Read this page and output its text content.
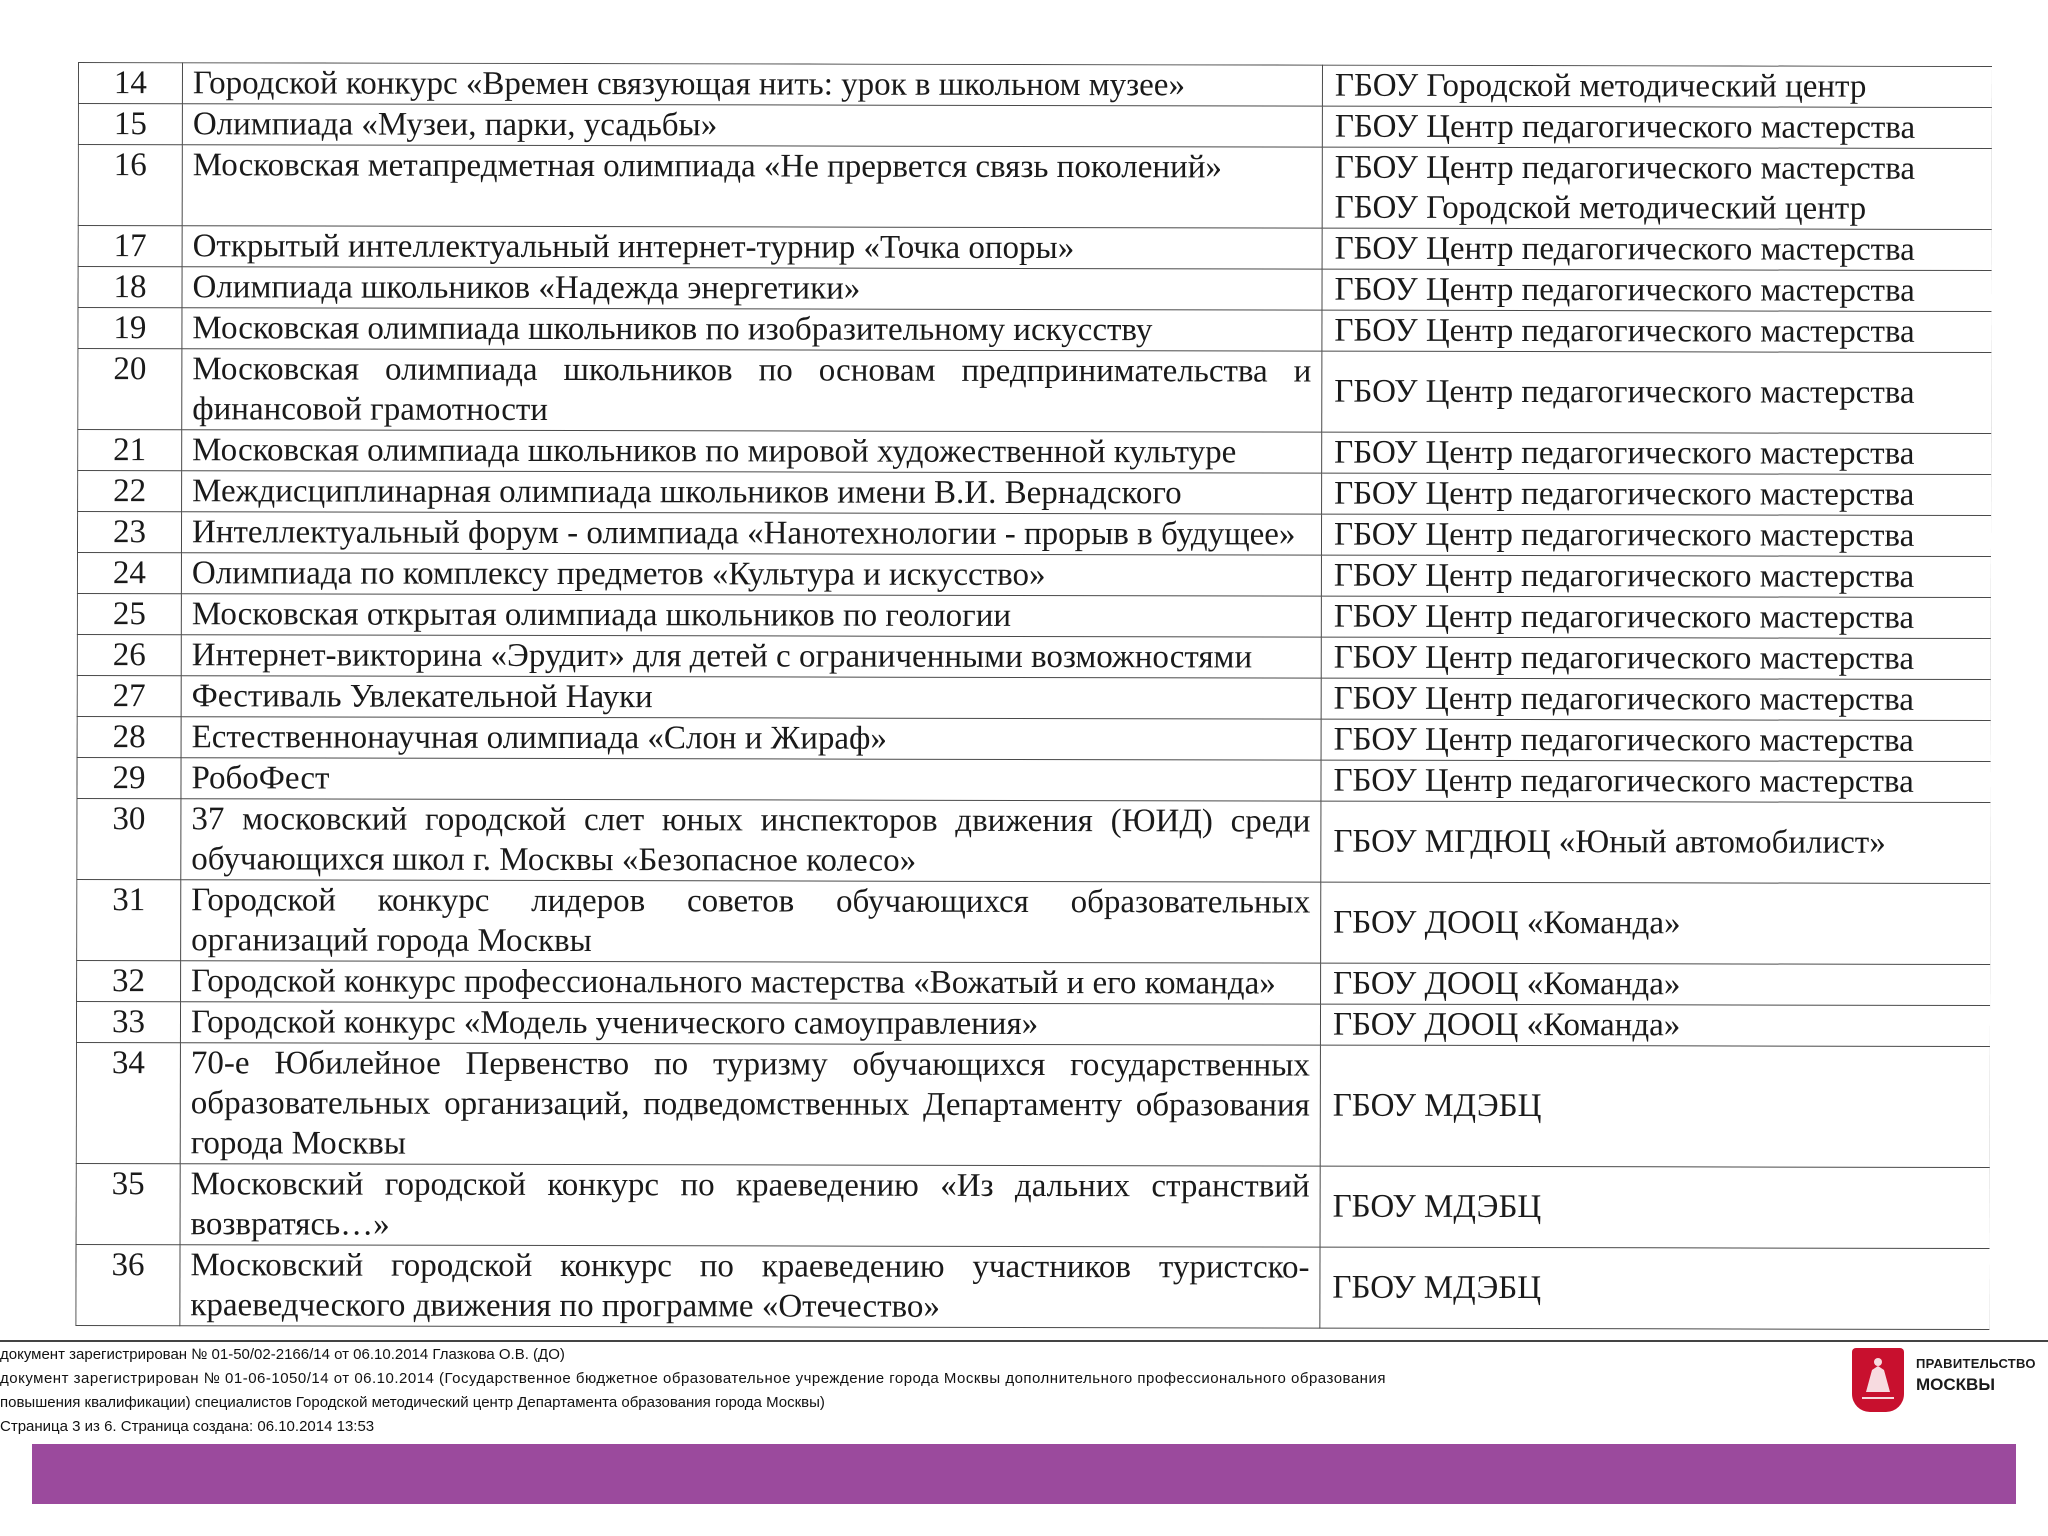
14	Городской конкурс «Времен связующая нить: урок в школьном музее»	ГБОУ Городской методический центр

15	Олимпиада «Музеи, парки, усадьбы»	ГБОУ Центр педагогического мастерства

16	Московская метапредметная олимпиада «Не прервется связь поколений»	ГБОУ Центр педагогического мастерства
ГБОУ Городской методический центр

17	Открытый интеллектуальный интернет-турнир «Точка опоры»	ГБОУ Центр педагогического мастерства

18	Олимпиада школьников «Надежда энергетики»	ГБОУ Центр педагогического мастерства

19	Московская олимпиада школьников по изобразительному искусству	ГБОУ Центр педагогического мастерства

20	Московская олимпиада школьников по основам предпринимательства и финансовой грамотности	ГБОУ Центр педагогического мастерства

21	Московская олимпиада школьников по мировой художественной культуре	ГБОУ Центр педагогического мастерства

22	Междисциплинарная олимпиада школьников имени В.И. Вернадского	ГБОУ Центр педагогического мастерства

23	Интеллектуальный форум - олимпиада «Нанотехнологии - прорыв в будущее»	ГБОУ Центр педагогического мастерства

24	Олимпиада по комплексу предметов «Культура и искусство»	ГБОУ Центр педагогического мастерства

25	Московская открытая олимпиада школьников по геологии	ГБОУ Центр педагогического мастерства

26	Интернет-викторина «Эрудит» для детей с ограниченными возможностями	ГБОУ Центр педагогического мастерства

27	Фестиваль Увлекательной Науки	ГБОУ Центр педагогического мастерства

28	Естественнонаучная олимпиада «Слон и Жираф»	ГБОУ Центр педагогического мастерства

29	РобоФест	ГБОУ Центр педагогического мастерства

30	37 московский городской слет юных инспекторов движения (ЮИД) среди обучающихся школ г. Москвы «Безопасное колесо»	ГБОУ МГДЮЦ «Юный автомобилист»

31	Городской конкурс лидеров советов обучающихся образовательных организаций города Москвы	ГБОУ ДООЦ «Команда»

32	Городской конкурс профессионального мастерства «Вожатый и его команда»	ГБОУ ДООЦ «Команда»

33	Городской конкурс «Модель ученического самоуправления»	ГБОУ ДООЦ «Команда»

34	70-е Юбилейное Первенство по туризму обучающихся государственных образовательных организаций, подведомственных Департаменту образования города Москвы	ГБОУ МДЭБЦ

35	Московский городской конкурс по краеведению «Из дальних странствий возвратясь…»	ГБОУ МДЭБЦ

36	Московский городской конкурс по краеведению участников туристско-краеведческого движения по программе «Отечество»	ГБОУ МДЭБЦ
документ зарегистрирован № 01-50/02-2166/14 от 06.10.2014 Глазкова О.В. (ДО)
документ зарегистрирован № 01-06-1050/14 от 06.10.2014 (Государственное бюджетное образовательное учреждение города Москвы дополнительного профессионального образования
повышения квалификации) специалистов Городской методический центр Департамента образования города Москвы)
Страница 3 из 6. Страница создана: 06.10.2014 13:53
ПРАВИТЕЛЬСТВО
МОСКВЫ
